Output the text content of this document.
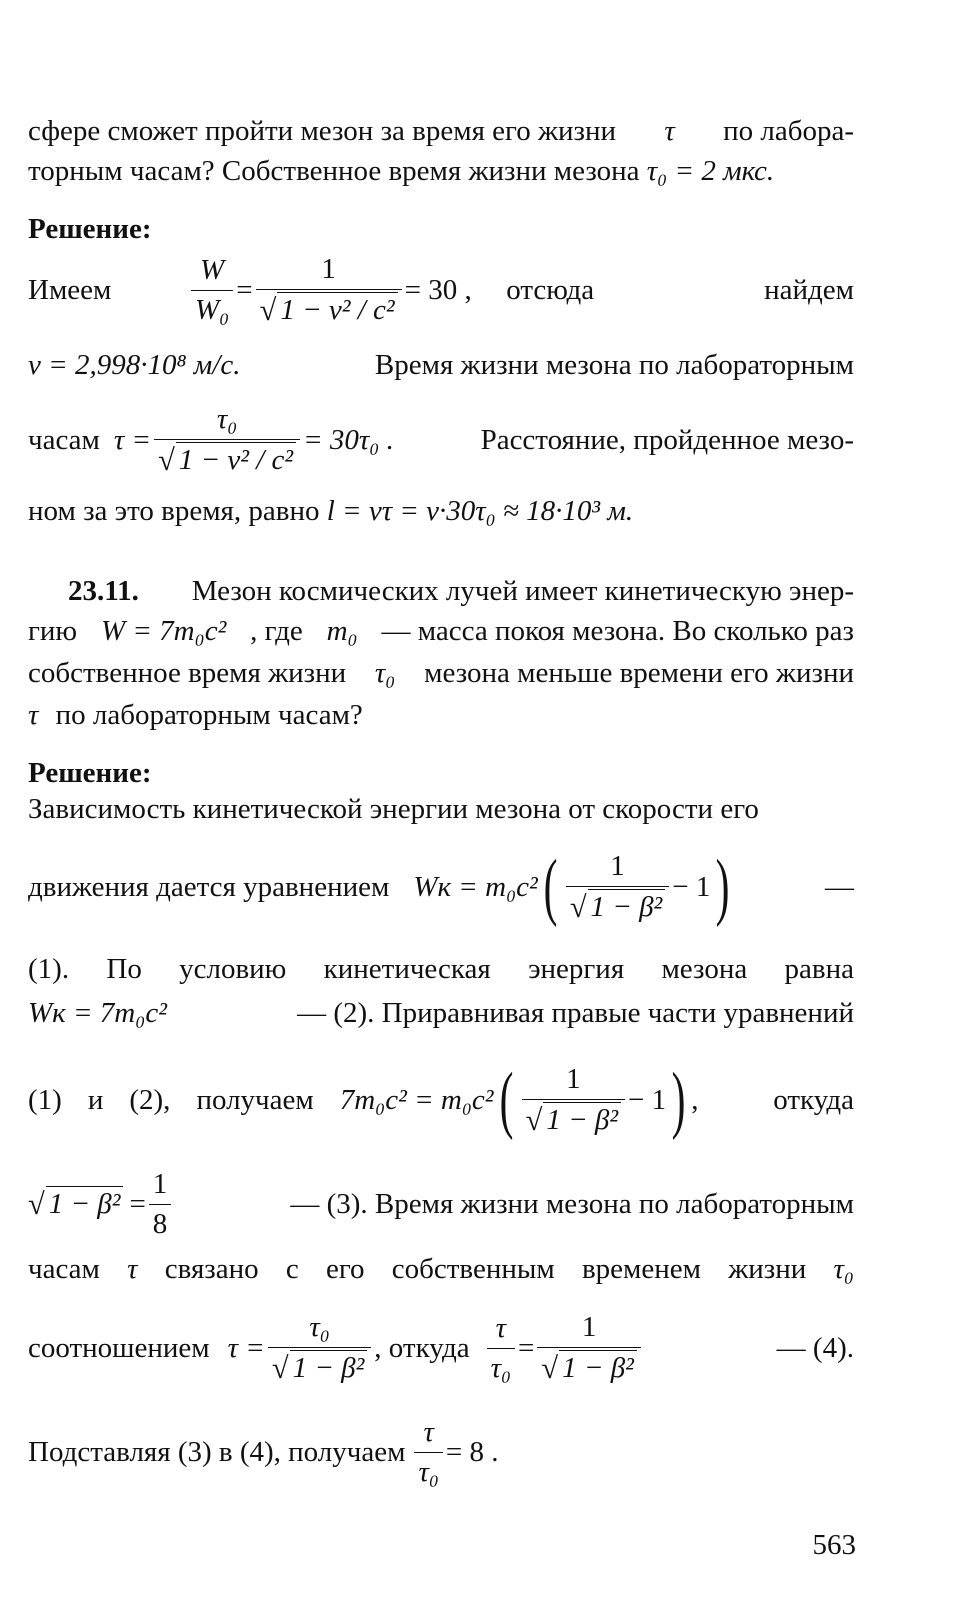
сфере сможет пройти мезон за время его жизни τ по лабора-
торным часам? Собственное время жизни мезона τ₀ = 2 мкс.
Решение:
Имеем	$\frac{W}{\text{W₀}} = \frac{1}{\text{√ 1 − v² / c²}} = 30$ , отсюда	найдем
v = 2,998·10⁸ м/с.	Время жизни мезона по лабораторным
часам $\tau = \frac{\text{τ₀}}{\text{√ 1 − v² / c²}} = 30\tau_0$ .	Расстояние, пройденное мезо-
ном за это время, равно l = vτ = v·30τ₀ ≈ 18·10³ м.
23.11. Мезон космических лучей имеет кинетическую энер-
гию W = 7m₀c² , где m₀ — масса покоя мезона. Во сколько раз
собственное время жизни τ₀ мезона меньше времени его жизни
τ по лабораторным часам?
Решение:
Зависимость кинетической энергии мезона от скорости его
движения дается уравнением Wк = m₀c² ( $\frac{1}{\text{√ 1 − β²}} - 1$ )	—
(1). По условию кинетическая энергия мезона равна
Wк = 7m₀c²	— (2). Приравнивая правые части уравнений
(1) и (2), получаем 7m₀c² = m₀c² ( $\frac{1}{\text{√ 1 − β²}} - 1$ ) ,	откуда
√ $1 - \beta^2 = \frac{1}{8}$	— (3). Время жизни мезона по лабораторным
часам τ связано с его собственным временем жизни τ₀
соотношением $\tau = \frac{\text{τ₀}}{\text{√ 1 − β²}}$ , откуда $\frac{\tau}{\text{τ₀}} = \frac{1}{\text{√ 1 − β²}}$	— (4).
Подставляя (3) в (4), получаем $\frac{\tau}{\text{τ₀}} = 8$ .
563
